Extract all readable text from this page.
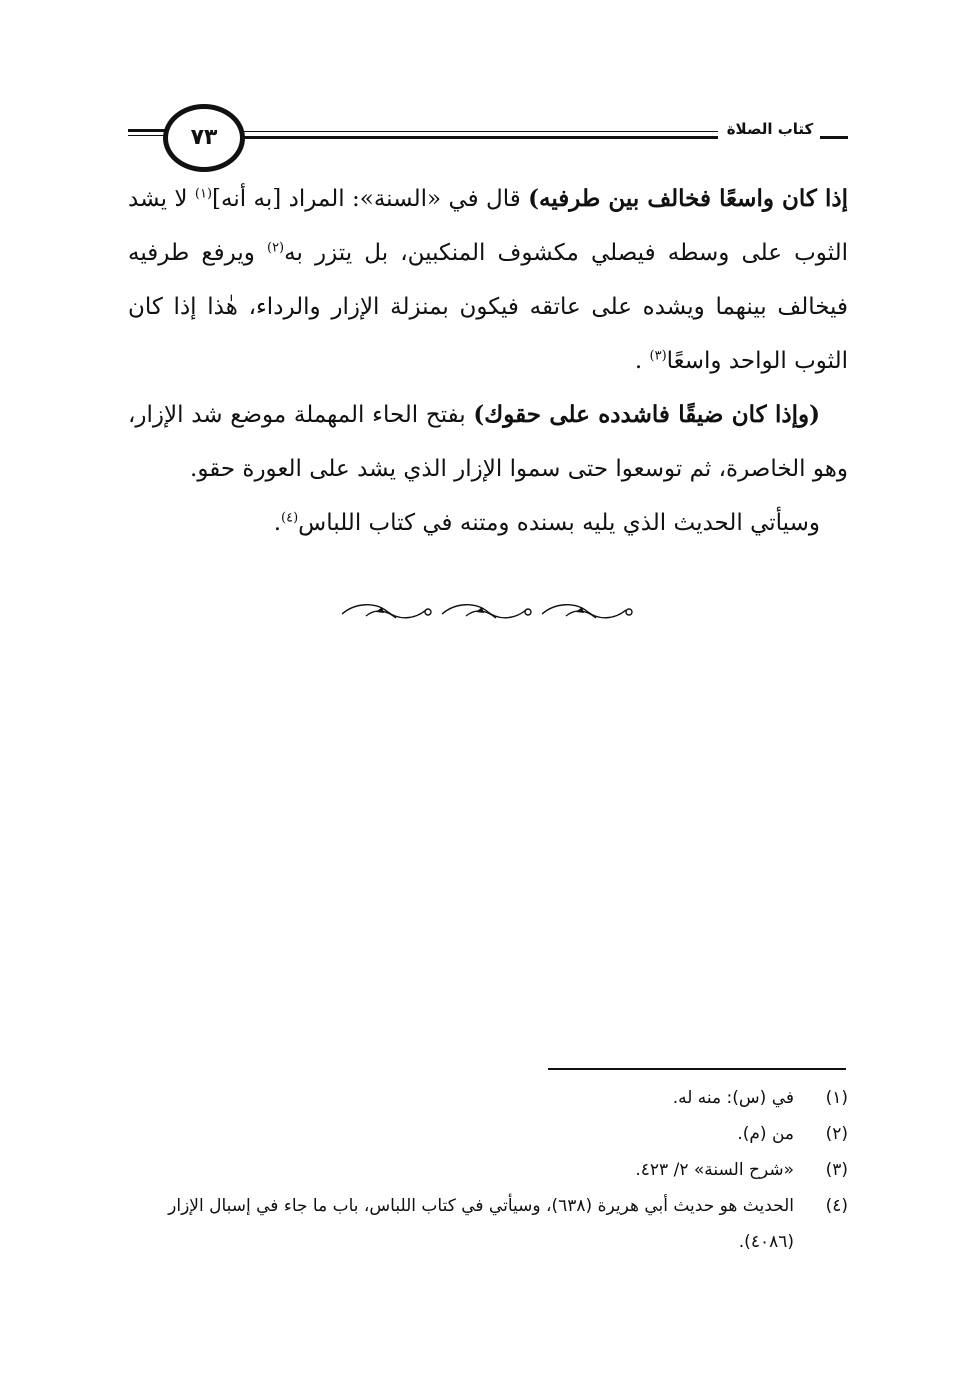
٧٣	كتاب الصلاة

إذا كان واسعًا فخالف بين طرفيه) قال في «السنة»: المراد [به أنه]$^{(١)}$ لا يشد الثوب على وسطه فيصلي مكشوف المنكبين، بل يتزر به$^{(٢)}$ ويرفع طرفيه فيخالف بينهما ويشده على عاتقه فيكون بمنزلة الإزار والرداء، هٰذا إذا كان الثوب الواحد واسعًا$^{(٣)}$ .

(وإذا كان ضيقًا فاشدده على حقوك) بفتح الحاء المهملة موضع شد الإزار، وهو الخاصرة، ثم توسعوا حتى سموا الإزار الذي يشد على العورة حقو.

وسيأتي الحديث الذي يليه بسنده ومتنه في كتاب اللباس$^{(٤)}$.

(١)
في (س): منه له.
(٢)
من (م).
(٣)
«شرح السنة» ٢/ ٤٢٣.
(٤)
الحديث هو حديث أبي هريرة (٦٣٨)، وسيأتي في كتاب اللباس، باب ما جاء في إسبال الإزار (٤٠٨٦).
